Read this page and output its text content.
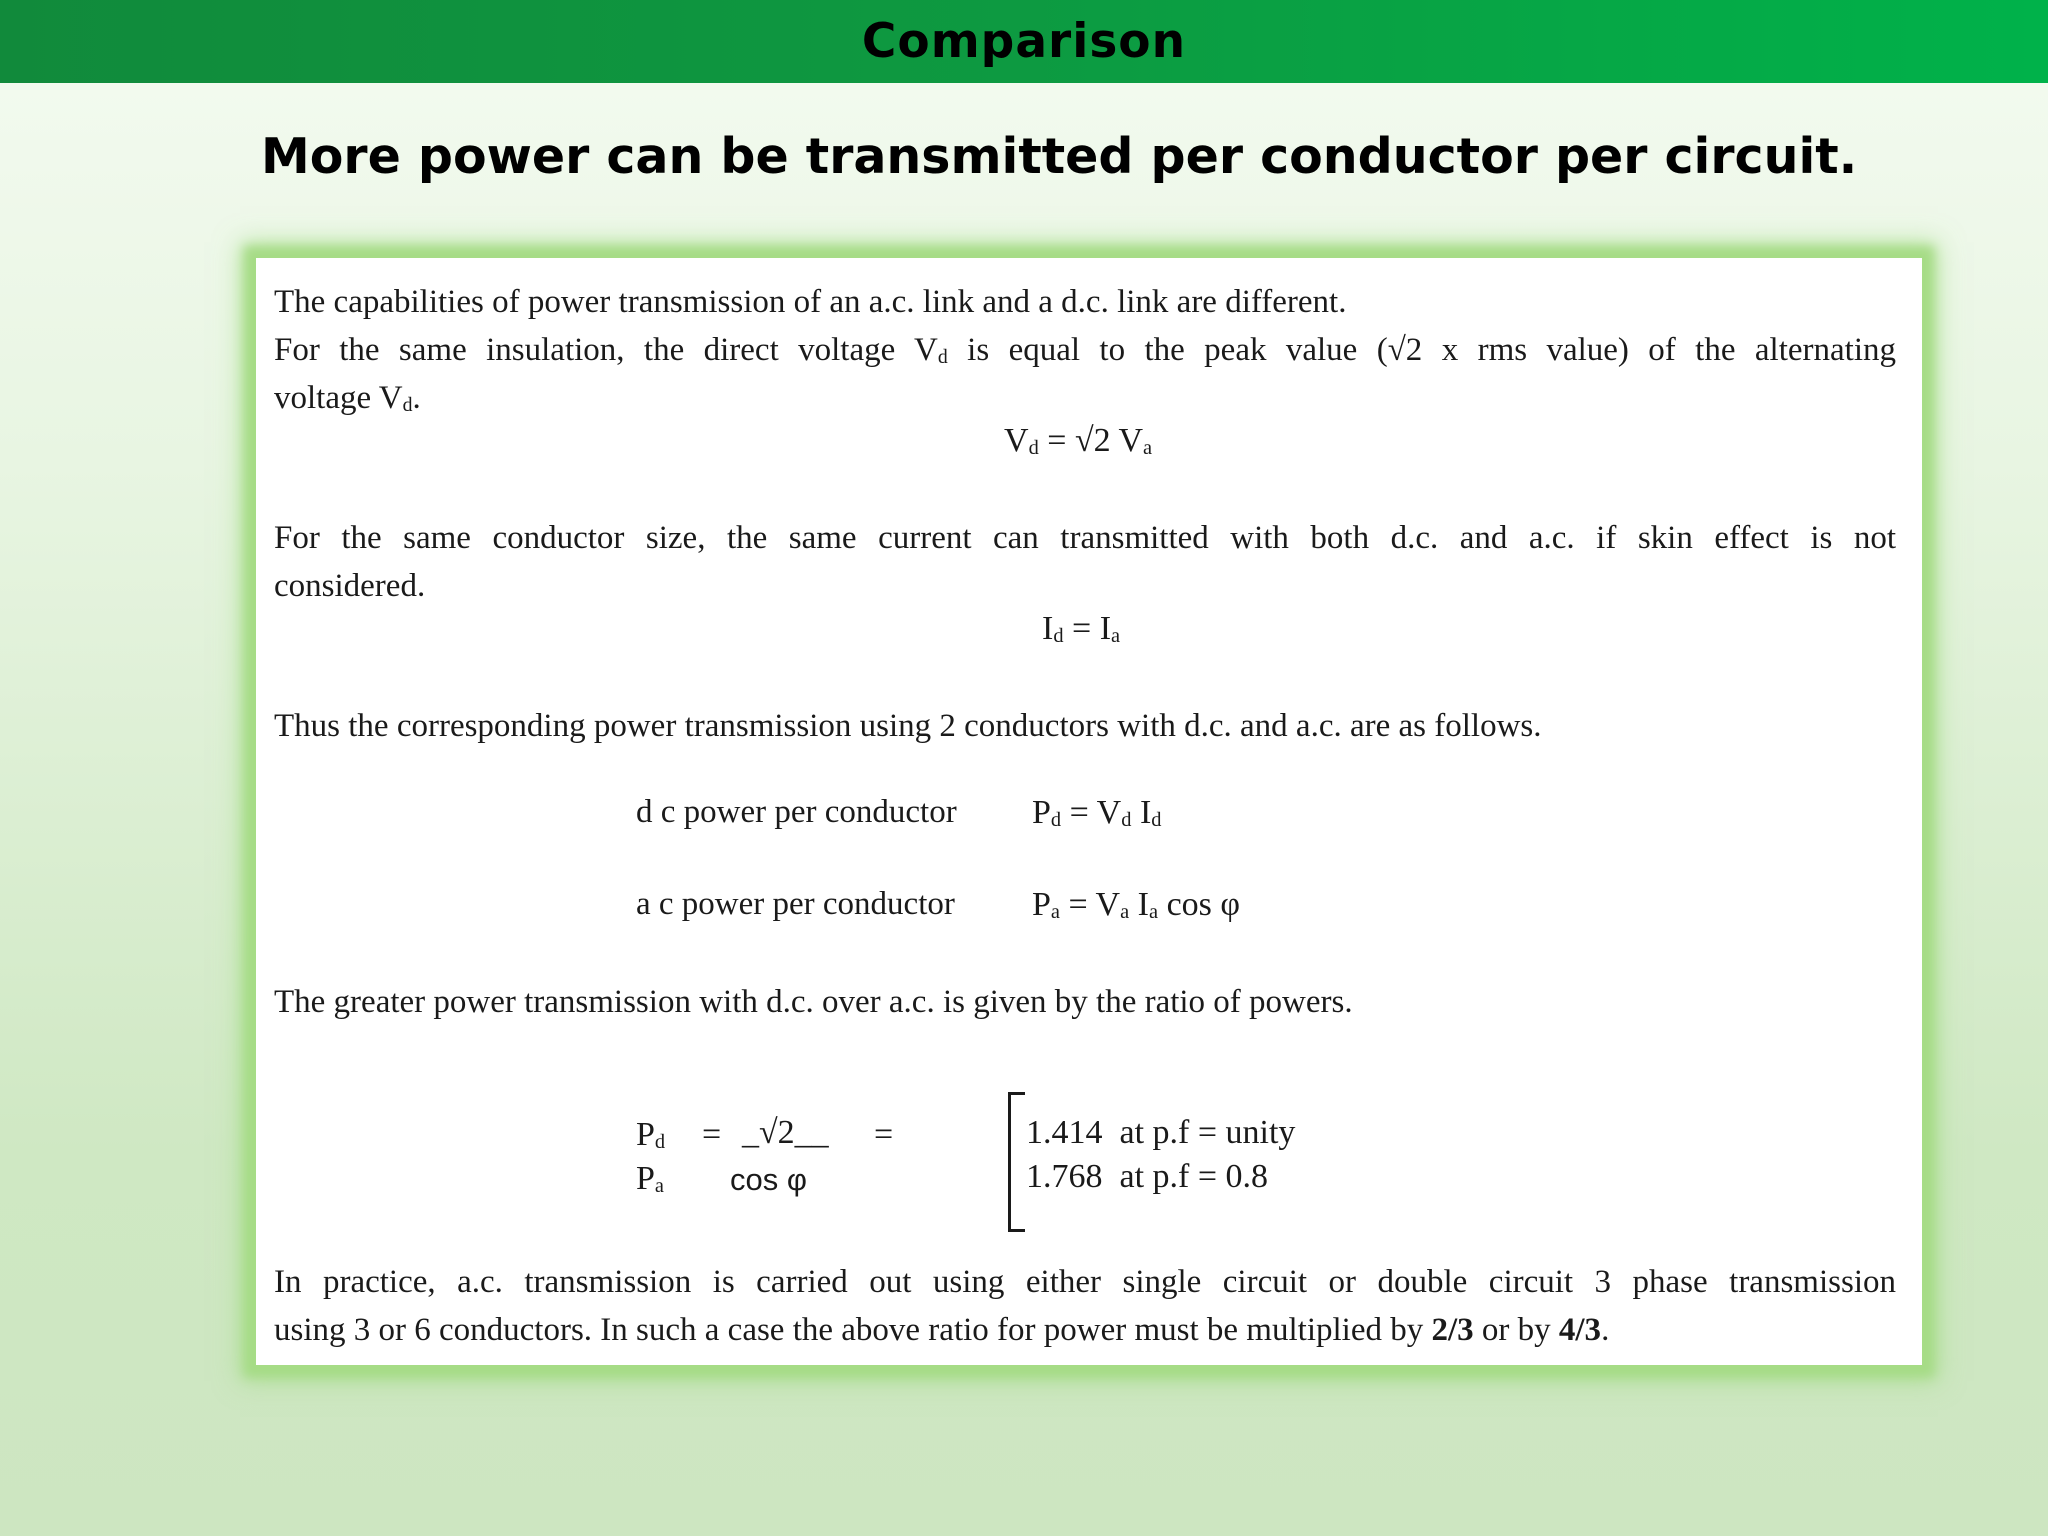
Comparison
More power can be transmitted per conductor per circuit.

The capabilities of power transmission of an a.c. link and a d.c. link are different.
For the same insulation, the direct voltage $V_d$ is equal to the peak value (√2 x rms value) of the alternating
voltage $V_d$.

$V_d = √2$ $V_a$

For the same conductor size, the same current can transmitted with both d.c. and a.c. if skin effect is not
considered.

$I_d = I_a$

Thus the corresponding power transmission using 2 conductors with d.c. and a.c. are as follows.

d c power per conductor $P_d = V_d$ $I_d$
a c power per conductor $P_a = V_a$ $I_a$ cos φ

The greater power transmission with d.c. over a.c. is given by the ratio of powers.

$P_d$
$P_a$
= _√2__
cos φ
=	1.414 at p.f = unity
1.768 at p.f = 0.8

In practice, a.c. transmission is carried out using either single circuit or double circuit 3 phase transmission
using 3 or 6 conductors. In such a case the above ratio for power must be multiplied by 2/3 or by 4/3.
